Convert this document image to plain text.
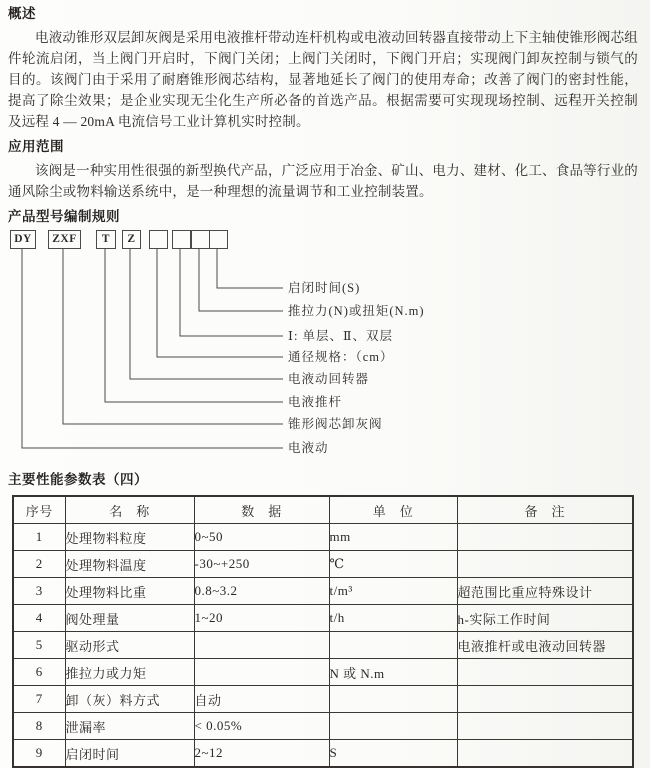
概述

电液动锥形双层卸灰阀是采用电液推杆带动连杆机构或电液动回转器直接带动上下主轴使锥形阀芯组件轮流启闭，当上阀门开启时，下阀门关闭；上阀门关闭时，下阀门开启；实现阀门卸灰控制与锁气的目的。该阀门由于采用了耐磨锥形阀芯结构，显著地延长了阀门的使用寿命；改善了阀门的密封性能，提高了除尘效果；是企业实现无尘化生产所必备的首选产品。根据需要可实现现场控制、远程开关控制及远程 4 — 20mA 电流信号工业计算机实时控制。

应用范围

该阀是一种实用性很强的新型换代产品，广泛应用于冶金、矿山、电力、建材、化工、食品等行业的通风除尘或物料输送系统中，是一种理想的流量调节和工业控制装置。

产品型号编制规则
DY	ZXF	T	Z
启闭时间(S)
推拉力(N)或扭矩(N.m)
Ⅰ: 单层、Ⅱ、双层
通径规格：（cm）
电液动回转器
电液推杆
锥形阀芯卸灰阀
电液动
主要性能参数表（四）
序号	名　称	数　据	单　位	备　注
1	处理物料粒度	0~50	mm	
2	处理物料温度	-30~+250	℃	
3	处理物料比重	0.8~3.2	t/m³	超范围比重应特殊设计
4	阀处理量	1~20	t/h	h-实际工作时间
5	驱动形式			电液推杆或电液动回转器
6	推拉力或力矩		N 或 N.m	
7	卸（灰）料方式	自动		
8	泄漏率	< 0.05%		
9	启闭时间	2~12	S	
